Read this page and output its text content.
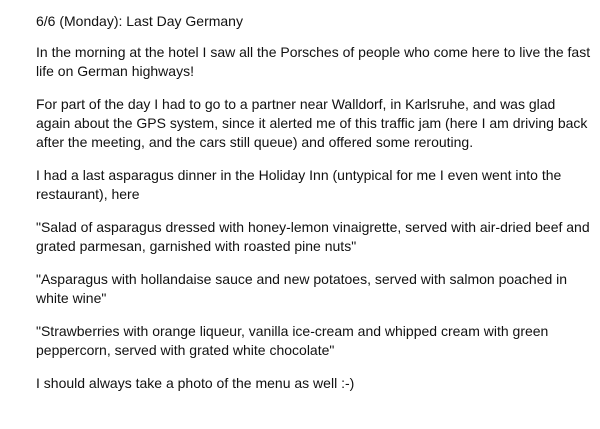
6/6 (Monday): Last Day Germany

In the morning at the hotel I saw all the Porsches of people who come here to live the fast life on German highways!

For part of the day I had to go to a partner near Walldorf, in Karlsruhe, and was glad again about the GPS system, since it alerted me of this traffic jam (here I am driving back after the meeting, and the cars still queue) and offered some rerouting.

I had a last asparagus dinner in the Holiday Inn (untypical for me I even went into the restaurant), here

"Salad of asparagus dressed with honey-lemon vinaigrette, served with air-dried beef and grated parmesan, garnished with roasted pine nuts"

"Asparagus with hollandaise sauce and new potatoes, served with salmon poached in white wine"

"Strawberries with orange liqueur, vanilla ice-cream and whipped cream with green peppercorn, served with grated white chocolate"

I should always take a photo of the menu as well :-)
